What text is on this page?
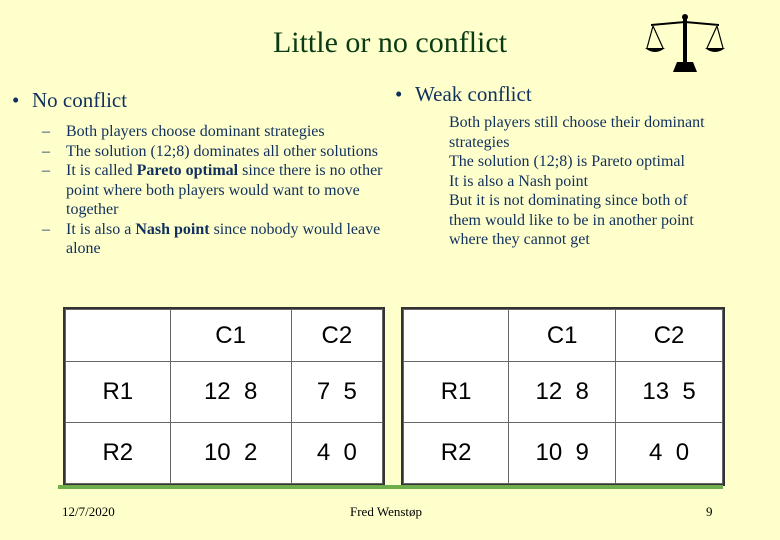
Little or no conflict
• No conflict
– Both players choose dominant strategies
– The solution (12;8) dominates all other solutions
– It is called Pareto optimal since there is no other point where both players would want to move together
– It is also a Nash point since nobody would leave alone
• Weak conflict
Both players still choose their dominant strategies
The solution (12;8) is Pareto optimal
It is also a Nash point
But it is not dominating since both of them would like to be in another point where they cannot get
	C1	C2
R1	12  8	7  5
R2	10  2	4  0
	C1	C2
R1	12  8	13  5
R2	10  9	4  0
12/7/2020	Fred Wenstøp	9
